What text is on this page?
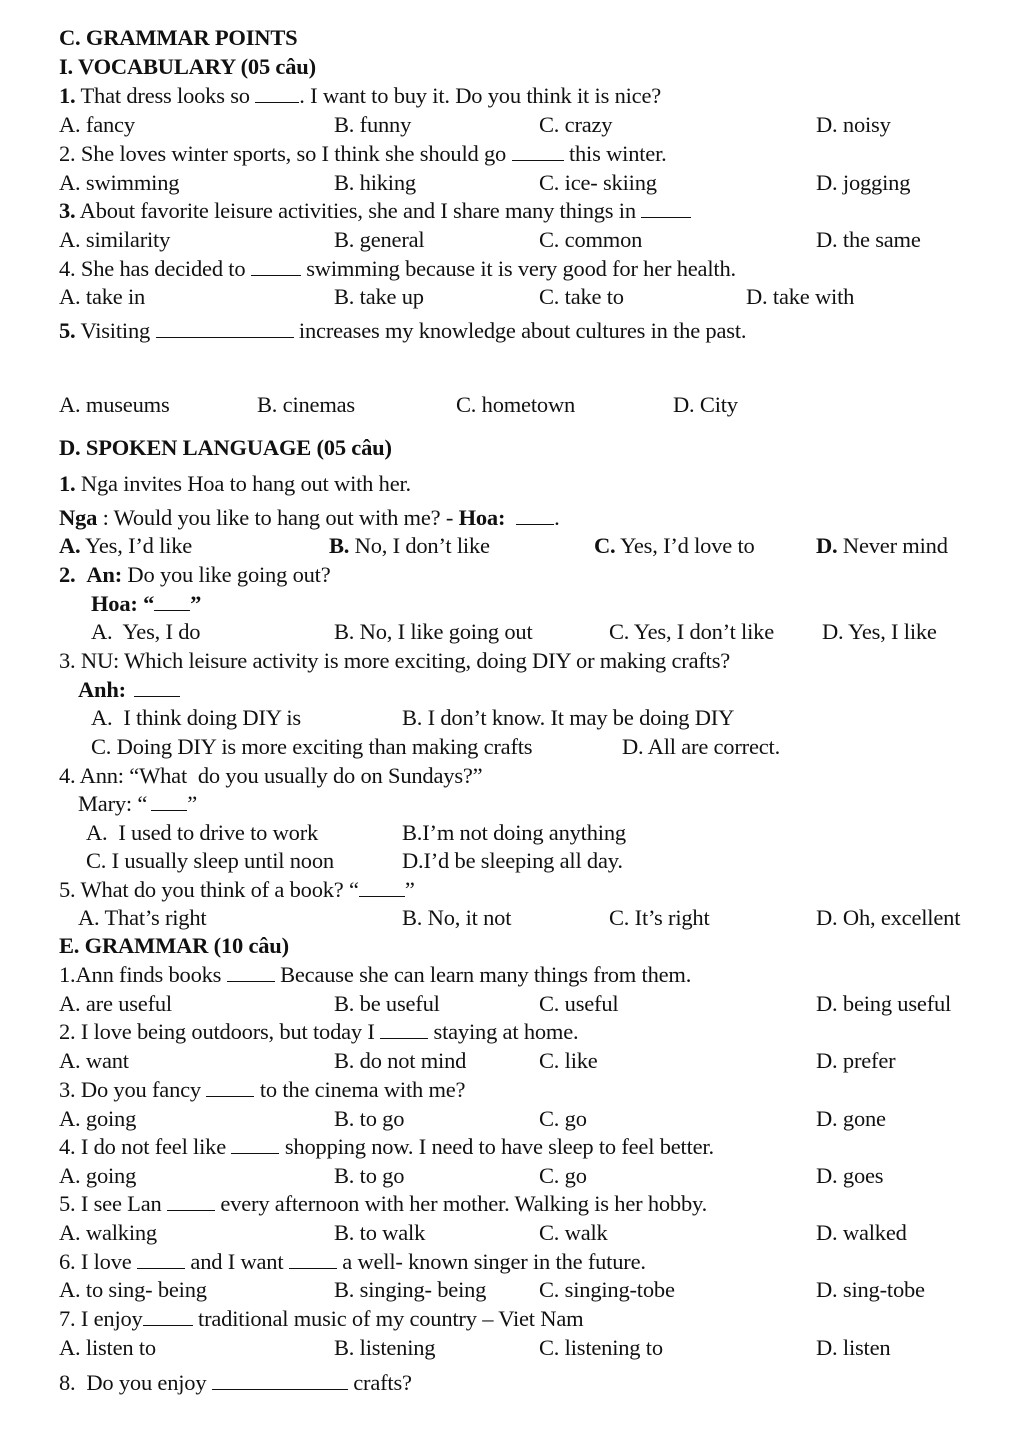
C. GRAMMAR POINTS
I. VOCABULARY (05 câu)
1. That dress looks so . I want to buy it. Do you think it is nice?
A. fancy	B. funny	C. crazy	D. noisy
2. She loves winter sports, so I think she should go  this winter.
A. swimming	B. hiking	C. ice- skiing	D. jogging
3. About favorite leisure activities, she and I share many things in
A. similarity	B. general	C. common	D. the same
4. She has decided to  swimming because it is very good for her health.
A. take in	B. take up	C. take to	D. take with
5. Visiting	increases my knowledge about cultures in the past.
A. museums	B. cinemas	C. hometown	D. City
D. SPOKEN LANGUAGE (05 câu)
1. Nga invites Hoa to hang out with her.
Nga : Would you like to hang out with me? - Hoa: .
A. Yes, I’d like	B. No, I don’t like	C. Yes, I’d love to	D. Never mind
2. An: Do you like going out?
Hoa: “ ”
A.  Yes, I do	B. No, I like going out	C. Yes, I don’t like D. Yes, I like
3. NU: Which leisure activity is more exciting, doing DIY or making crafts?
Anh:
A.  I think doing DIY is	B. I don’t know. It may be doing DIY
C. Doing DIY is more exciting than making crafts	D. All are correct.
4. Ann: “What  do you usually do on Sundays?”
Mary: “ ”
A.  I used to drive to work	B.I’m not doing anything
C. I usually sleep until noon	D.I’d be sleeping all day.
5. What do you think of a book? “ ”
A. That’s right	B. No, it not	C. It’s right	D. Oh, excellent
E. GRAMMAR (10 câu)
1.Ann finds books  Because she can learn many things from them.
A. are useful	B. be useful	C. useful	D. being useful
2. I love being outdoors, but today I  staying at home.
A. want	B. do not mind	C. like	D. prefer
3. Do you fancy  to the cinema with me?
A. going	B. to go	C. go	D. gone
4. I do not feel like  shopping now. I need to have sleep to feel better.
A. going	B. to go	C. go	D. goes
5. I see Lan  every afternoon with her mother. Walking is her hobby.
A. walking	B. to walk	C. walk	D. walked
6. I love  and I want  a well- known singer in the future.
A. to sing- being	B. singing- being C. singing-tobe	D. sing-tobe
7. I enjoy traditional music of my country – Viet Nam
A. listen to	B. listening	C. listening to	D. listen
8.  Do you enjoy	crafts?
